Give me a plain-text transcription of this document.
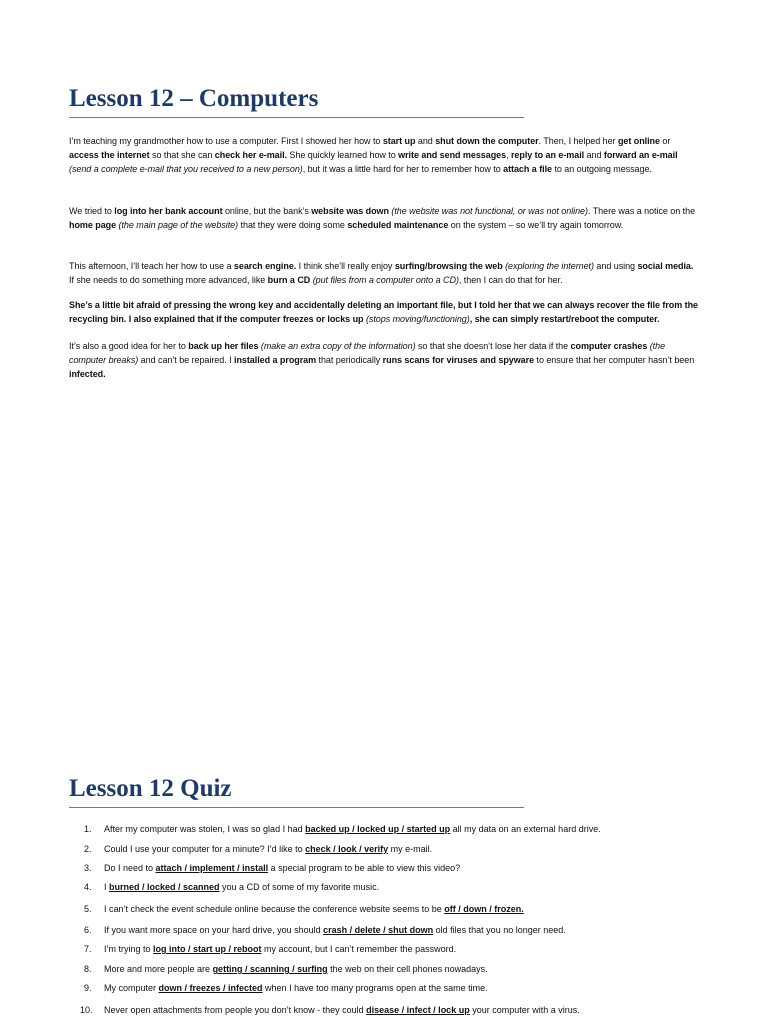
Lesson 12 – Computers

I’m teaching my grandmother how to use a computer. First I showed her how to start up and shut down the computer. Then, I helped her get online or access the internet so that she can check her e-mail. She quickly learned how to write and send messages, reply to an e-mail and forward an e-mail (send a complete e-mail that you received to a new person), but it was a little hard for her to remember how to attach a file to an outgoing message.

We tried to log into her bank account online, but the bank’s website was down (the website was not functional, or was not online). There was a notice on the home page (the main page of the website) that they were doing some scheduled maintenance on the system – so we’ll try again tomorrow.

This afternoon, I’ll teach her how to use a search engine. I think she’ll really enjoy surfing/browsing the web (exploring the internet) and using social media. If she needs to do something more advanced, like burn a CD (put files from a computer onto a CD), then I can do that for her.

She’s a little bit afraid of pressing the wrong key and accidentally deleting an important file, but I told her that we can always recover the file from the recycling bin. I also explained that if the computer freezes or locks up (stops moving/functioning), she can simply restart/reboot the computer.

It’s also a good idea for her to back up her files (make an extra copy of the information) so that she doesn’t lose her data if the computer crashes (the computer breaks) and can’t be repaired. I installed a program that periodically runs scans for viruses and spyware to ensure that her computer hasn’t been infected.

Lesson 12 Quiz
1.	After my computer was stolen, I was so glad I had backed up / locked up / started up all my data on an external hard drive.
2.	Could I use your computer for a minute? I’d like to check / look / verify my e-mail.
3.	Do I need to attach / implement / install a special program to be able to view this video?
4.	I burned / locked / scanned you a CD of some of my favorite music.
5.	I can’t check the event schedule online because the conference website seems to be off / down / frozen.
6.	If you want more space on your hard drive, you should crash / delete / shut down old files that you no longer need.
7.	I’m trying to log into / start up / reboot my account, but I can’t remember the password.
8.	More and more people are getting / scanning / surfing the web on their cell phones nowadays.
9.	My computer down / freezes / infected when I have too many programs open at the same time.
10.	Never open attachments from people you don’t know - they could disease / infect / lock up your computer with a virus.
